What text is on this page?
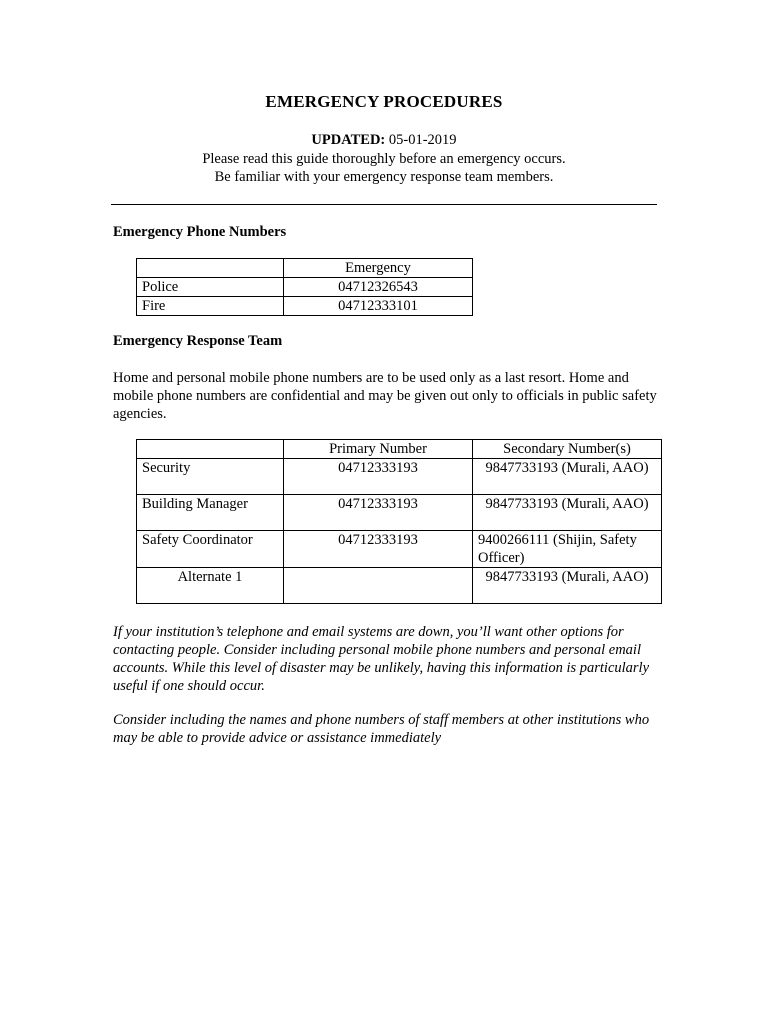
EMERGENCY PROCEDURES
UPDATED: 05-01-2019
Please read this guide thoroughly before an emergency occurs.
Be familiar with your emergency response team members.
Emergency Phone Numbers
	Emergency
Police	04712326543
Fire	04712333101
Emergency Response Team
Home and personal mobile phone numbers are to be used only as a last resort. Home and mobile phone numbers are confidential and may be given out only to officials in public safety agencies.
	Primary Number	Secondary Number(s)
Security	04712333193	9847733193 (Murali, AAO)
Building Manager	04712333193	9847733193 (Murali, AAO)
Safety Coordinator	04712333193	9400266111 (Shijin, Safety Officer)
Alternate 1		9847733193 (Murali, AAO)
If your institution’s telephone and email systems are down, you’ll want other options for contacting people. Consider including personal mobile phone numbers and personal email accounts. While this level of disaster may be unlikely, having this information is particularly useful if one should occur.
Consider including the names and phone numbers of staff members at other institutions who may be able to provide advice or assistance immediately
